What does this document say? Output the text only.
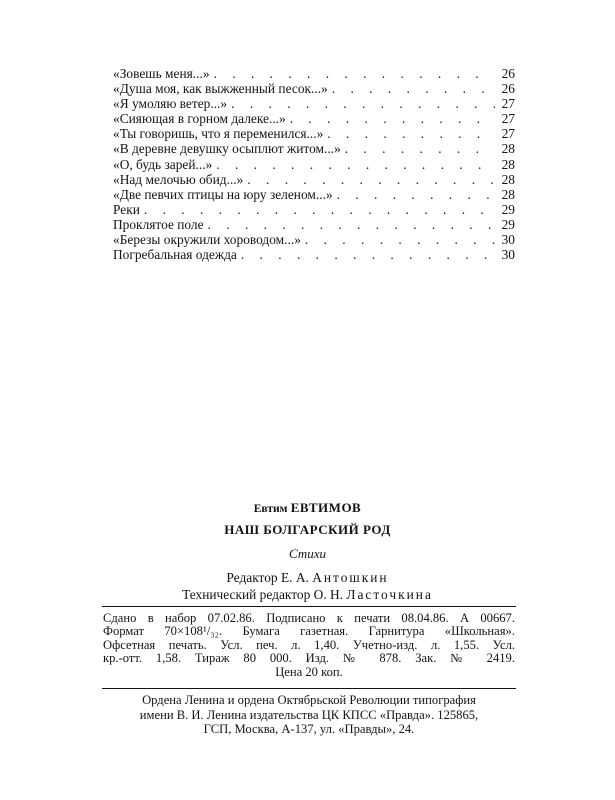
«Зовешь меня...» . . .	26
«Душа моя, как выжженный песок...» . . .	26
«Я умоляю ветер...» . . .	27
«Сияющая в горном далеке...» . . .	27
«Ты говоришь, что я переменился...» . . .	27
«В деревне девушку осыплют житом...» . . .	28
«О, будь зарей...» . . .	28
«Над мелочью обид...» . . .	28
«Две певчих птицы на юру зеленом...» . . .	28
Реки . . .	29
Проклятое поле . . .	29
«Березы окружили хороводом...» . . .	30
Погребальная одежда . . .	30
Евтим ЕВТИМОВ
НАШ БОЛГАРСКИЙ РОД
Стихи
Редактор Е. А. Антошкин
Технический редактор О. Н. Ласточкина
Сдано в набор 07.02.86. Подписано к печати 08.04.86. А 00667.
Формат 70×108¹/₃₂. Бумага газетная. Гарнитура «Школьная».
Офсетная печать. Усл. печ. л. 1,40. Учетно-изд. л. 1,55. Усл.
кр.-отт. 1,58. Тираж 80 000. Изд. № 878. Зак. № 2419.
Цена 20 коп.
Ордена Ленина и ордена Октябрьской Революции типография
имени В. И. Ленина издательства ЦК КПСС «Правда». 125865,
ГСП, Москва, А-137, ул. «Правды», 24.
